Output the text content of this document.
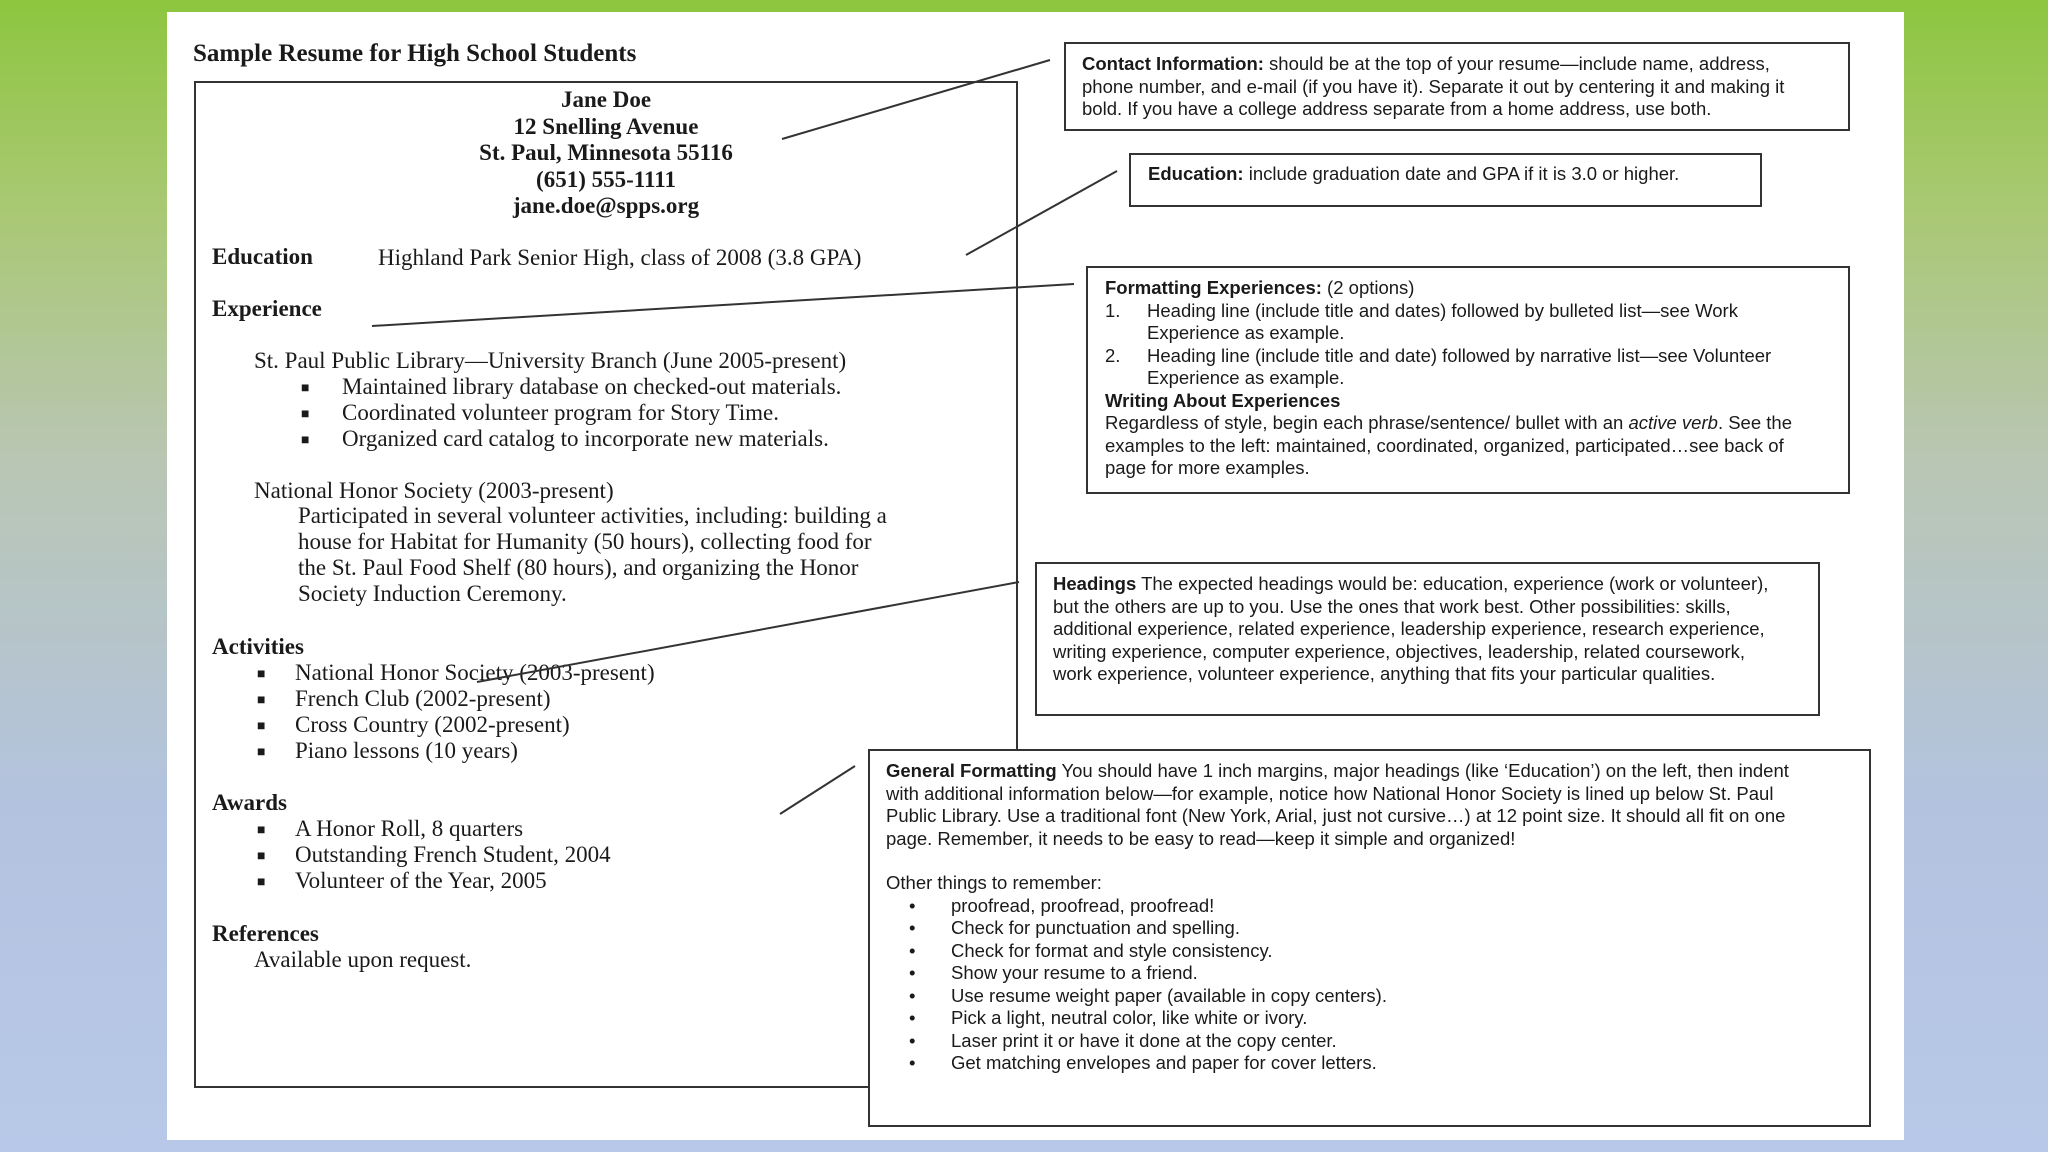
Sample Resume for High School Students
Jane Doe
12 Snelling Avenue
St. Paul, Minnesota 55116
(651) 555-1111
jane.doe@spps.org
Education	Highland Park Senior High, class of 2008 (3.8 GPA)
Experience
St. Paul Public Library—University Branch (June 2005-present)
■ Maintained library database on checked-out materials.
■ Coordinated volunteer program for Story Time.
■ Organized card catalog to incorporate new materials.
National Honor Society (2003-present)
Participated in several volunteer activities, including: building a
house for Habitat for Humanity (50 hours), collecting food for
the St. Paul Food Shelf (80 hours), and organizing the Honor
Society Induction Ceremony.
Activities
■ National Honor Society (2003-present)
■ French Club (2002-present)
■ Cross Country (2002-present)
■ Piano lessons (10 years)
Awards
■ A Honor Roll, 8 quarters
■ Outstanding French Student, 2004
■ Volunteer of the Year, 2005
References
Available upon request.
Contact Information: should be at the top of your resume—include name, address,
phone number, and e-mail (if you have it). Separate it out by centering it and making it
bold. If you have a college address separate from a home address, use both.
Education: include graduation date and GPA if it is 3.0 or higher.
Formatting Experiences: (2 options)
1. Heading line (include title and dates) followed by bulleted list—see Work
Experience as example.
2. Heading line (include title and date) followed by narrative list—see Volunteer
Experience as example.
Writing About Experiences
Regardless of style, begin each phrase/sentence/ bullet with an active verb. See the
examples to the left: maintained, coordinated, organized, participated…see back of
page for more examples.
Headings The expected headings would be: education, experience (work or volunteer),
but the others are up to you. Use the ones that work best. Other possibilities: skills,
additional experience, related experience, leadership experience, research experience,
writing experience, computer experience, objectives, leadership, related coursework,
work experience, volunteer experience, anything that fits your particular qualities.
General Formatting You should have 1 inch margins, major headings (like ‘Education’) on the left, then indent
with additional information below—for example, notice how National Honor Society is lined up below St. Paul
Public Library. Use a traditional font (New York, Arial, just not cursive…) at 12 point size. It should all fit on one
page. Remember, it needs to be easy to read—keep it simple and organized!
Other things to remember:
• proofread, proofread, proofread!
• Check for punctuation and spelling.
• Check for format and style consistency.
• Show your resume to a friend.
• Use resume weight paper (available in copy centers).
• Pick a light, neutral color, like white or ivory.
• Laser print it or have it done at the copy center.
• Get matching envelopes and paper for cover letters.
